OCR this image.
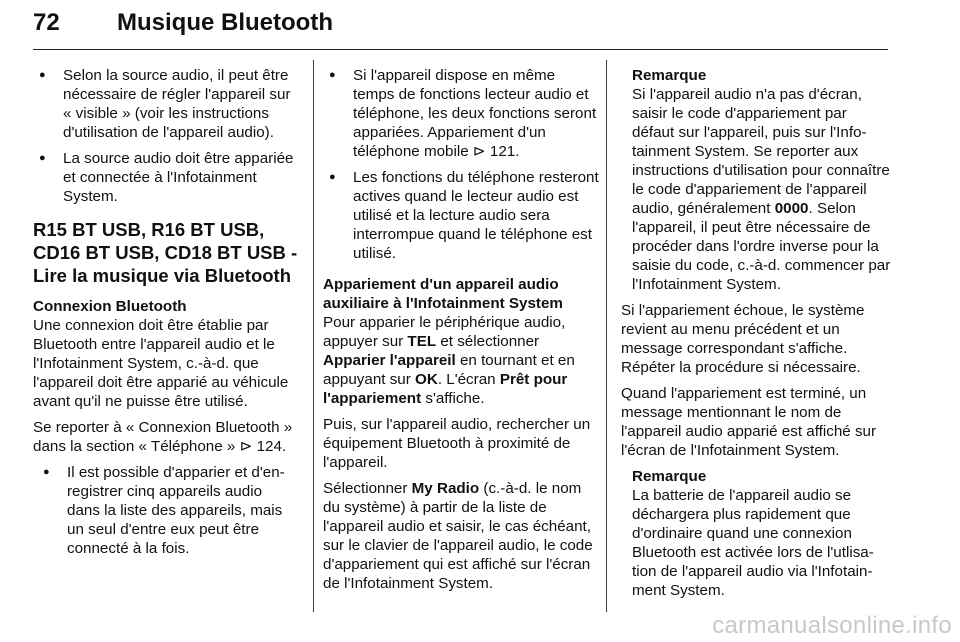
72 Musique Bluetooth
● Selon la source audio, il peut être nécessaire de régler l'appareil sur « visible » (voir les instructions d'utilisation de l'appareil audio).
● La source audio doit être appariée et connectée à l'Infotainment System.
R15 BT USB, R16 BT USB, CD16 BT USB, CD18 BT USB - Lire la musique via Bluetooth
Connexion Bluetooth

Une connexion doit être établie par Bluetooth entre l'appareil audio et le l'Infotainment System, c.-à-d. que l'appareil doit être apparié au véhicule avant qu'il ne puisse être utilisé.

Se reporter à « Connexion Bluetooth » dans la section « Téléphone » ⊳ 124.

● Il est possible d'apparier et d'enregistrer cinq appareils audio dans la liste des appareils, mais un seul d'entre eux peut être connecté à la fois.
● Si l'appareil dispose en même temps de fonctions lecteur audio et téléphone, les deux fonctions seront appariées. Appariement d'un téléphone mobile ⊳ 121.
● Les fonctions du téléphone resteront actives quand le lecteur audio est utilisé et la lecture audio sera interrompue quand le téléphone est utilisé.
Appariement d'un appareil audio auxiliaire à l'Infotainment System

Pour apparier le périphérique audio, appuyer sur TEL et sélectionner Apparier l'appareil en tournant et en appuyant sur OK. L'écran Prêt pour l'appariement s'affiche.

Puis, sur l'appareil audio, rechercher un équipement Bluetooth à proximité de l'appareil.

Sélectionner My Radio (c.-à-d. le nom du système) à partir de la liste de l'appareil audio et saisir, le cas échéant, sur le clavier de l'appareil audio, le code d'appariement qui est affiché sur l'écran de l'Infotainment System.

Remarque
Si l'appareil audio n'a pas d'écran, saisir le code d'appariement par défaut sur l'appareil, puis sur l'Infotainment System. Se reporter aux instructions d'utilisation pour connaître le code d'appariement de l'appareil audio, généralement 0000. Selon l'appareil, il peut être nécessaire de procéder dans l'ordre inverse pour la saisie du code, c.-à-d. commencer par l'Infotainment System.

Si l'appariement échoue, le système revient au menu précédent et un message correspondant s'affiche. Répéter la procédure si nécessaire.

Quand l'appariement est terminé, un message mentionnant le nom de l'appareil audio apparié est affiché sur l'écran de l'Infotainment System.

Remarque
La batterie de l'appareil audio se déchargera plus rapidement que d'ordinaire quand une connexion Bluetooth est activée lors de l'utlisation de l'appareil audio via l'Infotainment System.
carmanualsonline.info
